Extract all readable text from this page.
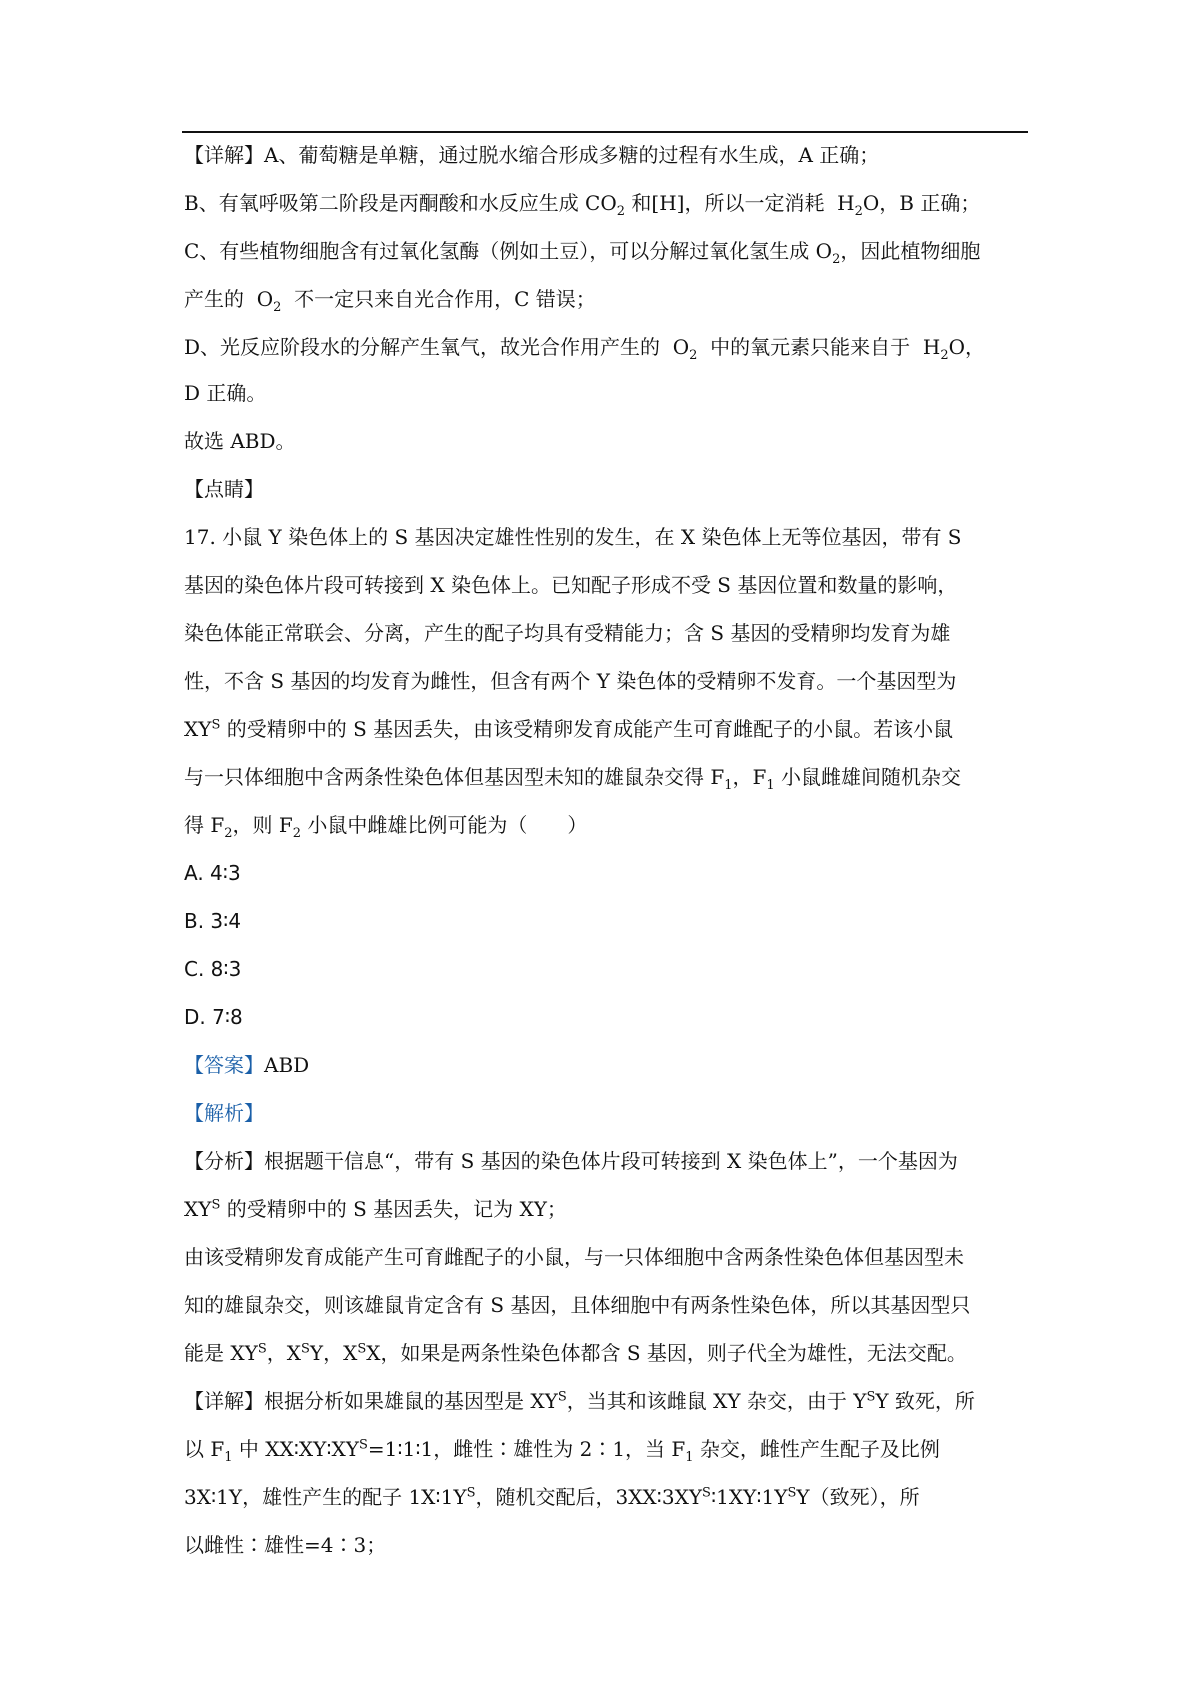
【详解】A、葡萄糖是单糖，通过脱水缩合形成多糖的过程有水生成，A 正确；
B、有氧呼吸第二阶段是丙酮酸和水反应生成 $CO_2$ 和[H]，所以一定消耗  $H_2O$，B 正确；
C、有些植物细胞含有过氧化氢酶（例如土豆），可以分解过氧化氢生成 $O_2$，因此植物细胞
产生的  $O_2$  不一定只来自光合作用，C 错误；
D、光反应阶段水的分解产生氧气，故光合作用产生的  $O_2$  中的氧元素只能来自于  $H_2O$，
D 正确。
故选 ABD。
【点睛】
17. 小鼠 Y 染色体上的 S 基因决定雄性性别的发生，在 X 染色体上无等位基因，带有 S
基因的染色体片段可转接到 X 染色体上。已知配子形成不受 S 基因位置和数量的影响，
染色体能正常联会、分离，产生的配子均具有受精能力；含 S 基因的受精卵均发育为雄
性，不含 S 基因的均发育为雌性，但含有两个 Y 染色体的受精卵不发育。一个基因型为
$XY^S$ 的受精卵中的 S 基因丢失，由该受精卵发育成能产生可育雌配子的小鼠。若该小鼠
与一只体细胞中含两条性染色体但基因型未知的雄鼠杂交得 $F_1$，$F_1$ 小鼠雌雄间随机杂交
得 $F_2$，则 $F_2$ 小鼠中雌雄比例可能为（　　）
A. 4∶3
B. 3∶4
C. 8∶3
D. 7∶8
【答案】ABD
【解析】
【分析】根据题干信息“，带有 S 基因的染色体片段可转接到 X 染色体上”，一个基因为
$XY^S$ 的受精卵中的 S 基因丢失，记为 XY；
由该受精卵发育成能产生可育雌配子的小鼠，与一只体细胞中含两条性染色体但基因型未
知的雄鼠杂交，则该雄鼠肯定含有 S 基因，且体细胞中有两条性染色体，所以其基因型只
能是 $XY^S$，$X^SY$，$X^SX$，如果是两条性染色体都含 S 基因，则子代全为雄性，无法交配。
【详解】根据分析如果雄鼠的基因型是 $XY^S$，当其和该雌鼠 XY 杂交，由于 $Y^SY$ 致死，所
以 $F_1$ 中 $XX∶XY∶XY^S=1∶1∶1$，雌性∶雄性为 2∶1，当 $F_1$ 杂交，雌性产生配子及比例
3X∶1Y，雄性产生的配子 $1X∶1Y^S$，随机交配后，$3XX∶3XY^S∶1XY∶1Y^SY$（致死），所
以雌性∶雄性=4∶3；
